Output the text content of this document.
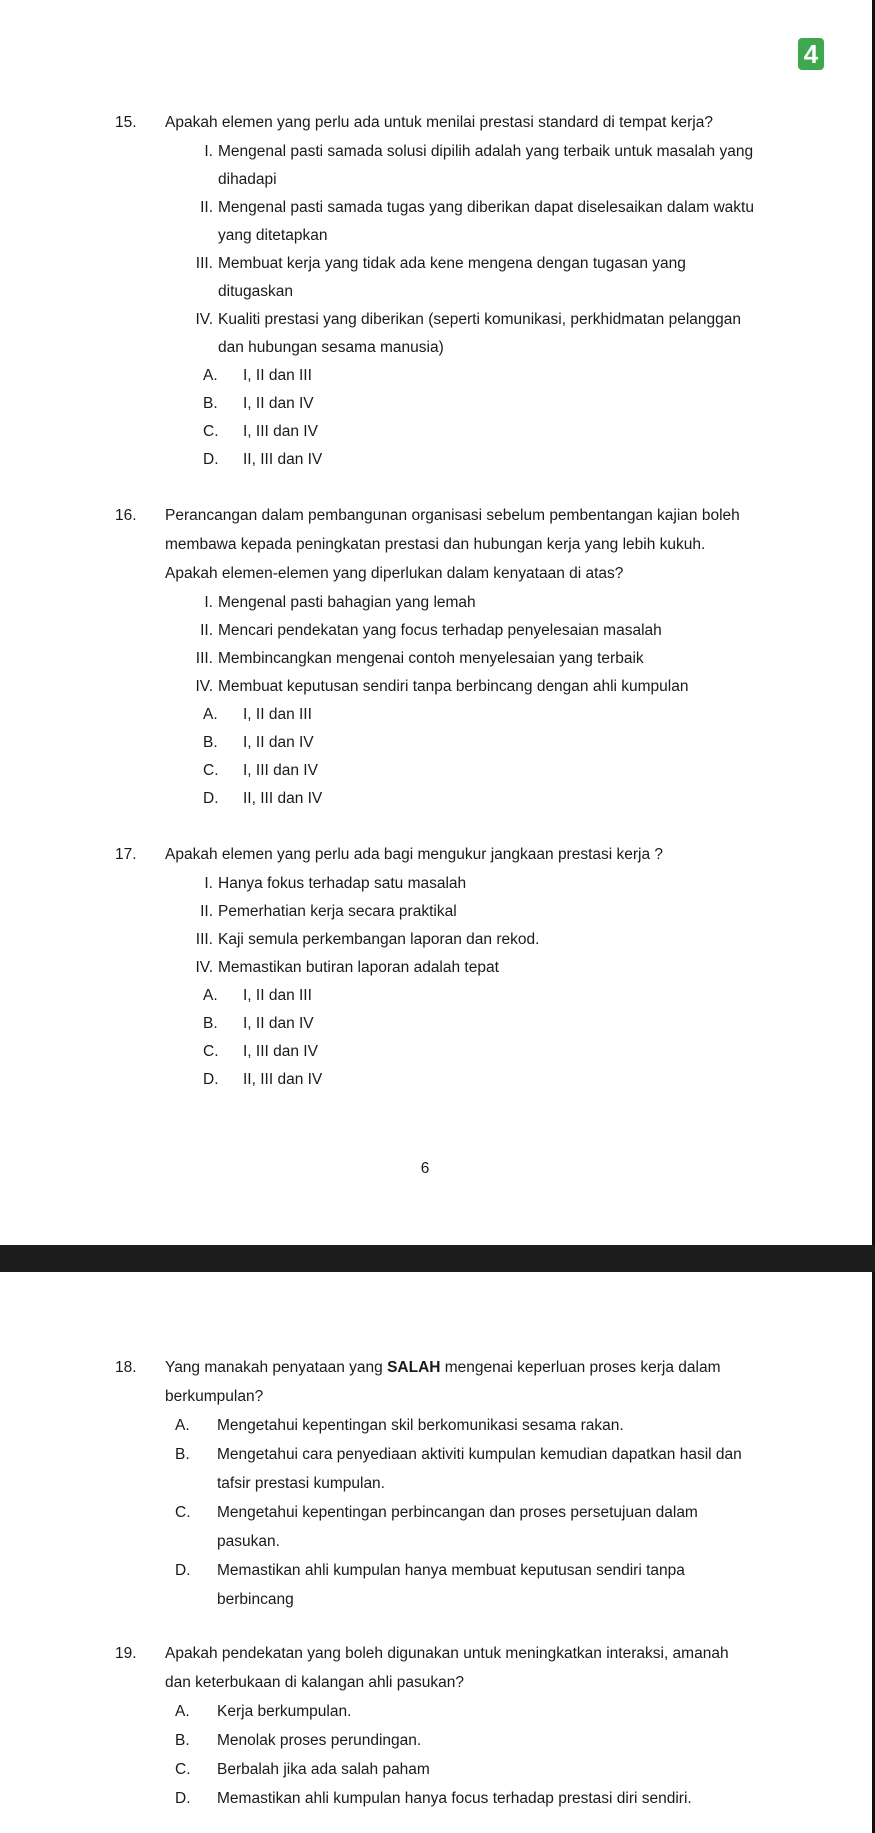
4
15. Apakah elemen yang perlu ada untuk menilai prestasi standard di tempat kerja?
I. Mengenal pasti samada solusi dipilih adalah yang terbaik untuk masalah yang
dihadapi
II. Mengenal pasti samada tugas yang diberikan dapat diselesaikan dalam waktu
yang ditetapkan
III. Membuat kerja yang tidak ada kene mengena dengan tugasan yang
ditugaskan
IV. Kualiti prestasi yang diberikan (seperti komunikasi, perkhidmatan pelanggan
dan hubungan sesama manusia)
A. I, II dan III
B. I, II dan IV
C. I, III dan IV
D. II, III dan IV
16. Perancangan dalam pembangunan organisasi sebelum pembentangan kajian boleh
membawa kepada peningkatan prestasi dan hubungan kerja yang lebih kukuh.
Apakah elemen-elemen yang diperlukan dalam kenyataan di atas?
I. Mengenal pasti bahagian yang lemah
II. Mencari pendekatan yang focus terhadap penyelesaian masalah
III. Membincangkan mengenai contoh menyelesaian yang terbaik
IV. Membuat keputusan sendiri tanpa berbincang dengan ahli kumpulan
A. I, II dan III
B. I, II dan IV
C. I, III dan IV
D. II, III dan IV
17. Apakah elemen yang perlu ada bagi mengukur jangkaan prestasi kerja ?
I. Hanya fokus terhadap satu masalah
II. Pemerhatian kerja secara praktikal
III. Kaji semula perkembangan laporan dan rekod.
IV. Memastikan butiran laporan adalah tepat
A. I, II dan III
B. I, II dan IV
C. I, III dan IV
D. II, III dan IV
6
18. Yang manakah penyataan yang SALAH mengenai keperluan proses kerja dalam
berkumpulan?
A. Mengetahui kepentingan skil berkomunikasi sesama rakan.
B. Mengetahui cara penyediaan aktiviti kumpulan kemudian dapatkan hasil dan
tafsir prestasi kumpulan.
C. Mengetahui kepentingan perbincangan dan proses persetujuan dalam
pasukan.
D. Memastikan ahli kumpulan hanya membuat keputusan sendiri tanpa
berbincang
19. Apakah pendekatan yang boleh digunakan untuk meningkatkan interaksi, amanah
dan keterbukaan di kalangan ahli pasukan?
A. Kerja berkumpulan.
B. Menolak proses perundingan.
C. Berbalah jika ada salah paham
D. Memastikan ahli kumpulan hanya focus terhadap prestasi diri sendiri.
